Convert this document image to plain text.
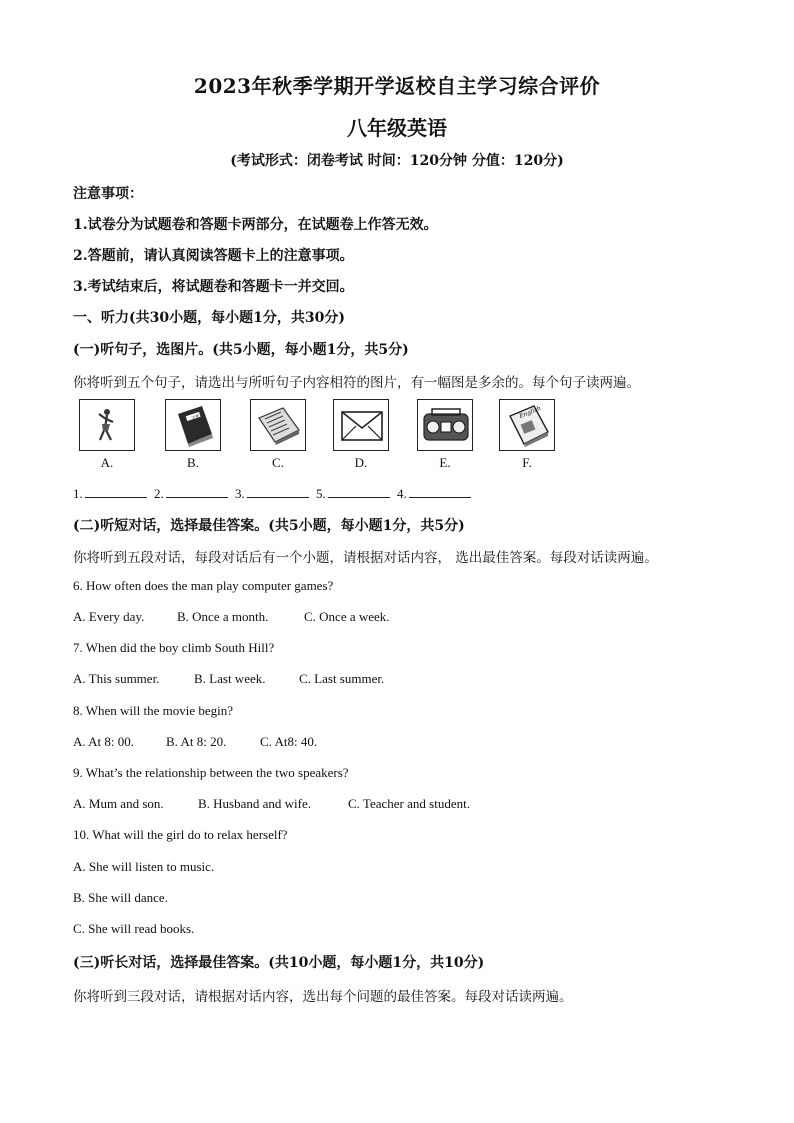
2023年秋季学期开学返校自主学习综合评价
八年级英语
(考试形式：闭卷考试 时间：120分钟 分值：120分)
注意事项：
1.试卷分为试题卷和答题卡两部分，在试题卷上作答无效。
2.答题前，请认真阅读答题卡上的注意事项。
3.考试结束后，将试题卷和答题卡一并交回。
一、听力(共30小题，每小题1分，共30分)
(一)听句子，选图片。(共5小题，每小题1分，共5分)
你将听到五个句子，请选出与所听句子内容相符的图片，有一幅图是多余的。每个句子读两遍。
A.
字典
B.	C.	D.	E.
English
F.
1.	2.	3.	5.	4.
(二)听短对话，选择最佳答案。(共5小题，每小题1分，共5分)
你将听到五段对话，每段对话后有一个小题，请根据对话内容， 选出最佳答案。每段对话读两遍。
6. How often does the man play computer games?
A. Every day.	B. Once a month.	C. Once a week.
7. When did the boy climb South Hill?
A. This summer.	B. Last week.	C. Last summer.
8. When will the movie begin?
A. At 8: 00. B. At 8: 20.	C. At8: 40.
9. What’s the relationship between the two speakers?
A. Mum and son.	B. Husband and wife.	C. Teacher and student.
10. What will the girl do to relax herself?
A. She will listen to music.
B. She will dance.
C. She will read books.
(三)听长对话，选择最佳答案。(共10小题，每小题1分，共10分)
你将听到三段对话，请根据对话内容，选出每个问题的最佳答案。每段对话读两遍。
